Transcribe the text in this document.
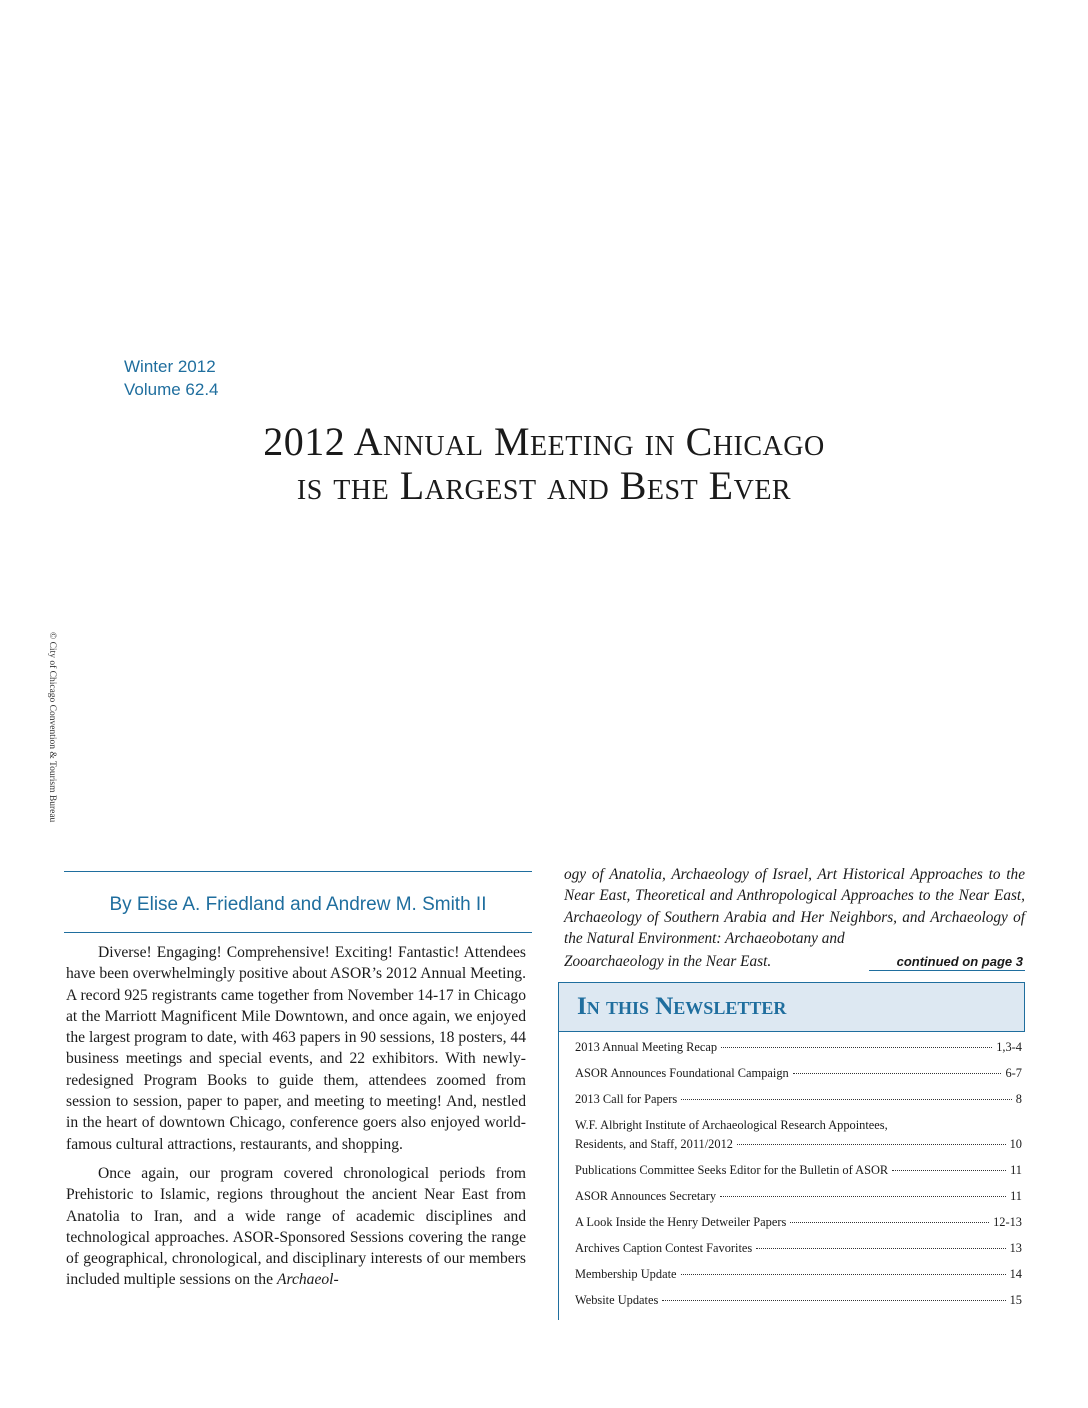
Winter 2012
Volume 62.4
2012 Annual Meeting in Chicago
is the Largest and Best Ever
© City of Chicago Convention & Tourism Bureau
By Elise A. Friedland and Andrew M. Smith II

Diverse! Engaging! Comprehensive! Exciting! Fantastic! Attendees have been overwhelmingly positive about ASOR’s 2012 Annual Meeting. A record 925 registrants came together from November 14-17 in Chicago at the Marriott Magnificent Mile Downtown, and once again, we enjoyed the largest program to date, with 463 papers in 90 sessions, 18 posters, 44 business meetings and special events, and 22 exhibitors. With newly-redesigned Program Books to guide them, attendees zoomed from session to session, paper to paper, and meeting to meeting! And, nestled in the heart of downtown Chicago, conference goers also enjoyed world-famous cultural attractions, restaurants, and shopping.

Once again, our program covered chronological periods from Prehistoric to Islamic, regions throughout the ancient Near East from Anatolia to Iran, and a wide range of academic disciplines and technological approaches. ASOR-Sponsored Sessions covering the range of geographical, chronological, and disciplinary interests of our members included multiple sessions on the Archaeol-

ogy of Anatolia, Archaeology of Israel, Art Historical Approaches to the Near East, Theoretical and Anthropological Approaches to the Near East, Archaeology of Southern Arabia and Her Neighbors, and Archaeology of the Natural Environment: Archaeobotany and
Zooarchaeology in the Near East.	continued on page 3
In this Newsletter
2013 Annual Meeting Recap	1,3-4
ASOR Announces Foundational Campaign	6-7
2013 Call for Papers	8
W.F. Albright Institute of Archaeological Research Appointees,
Residents, and Staff, 2011/2012	10
Publications Committee Seeks Editor for the Bulletin of ASOR	11
ASOR Announces Secretary	11
A Look Inside the Henry Detweiler Papers	12-13
Archives Caption Contest Favorites	13
Membership Update	14
Website Updates	15
